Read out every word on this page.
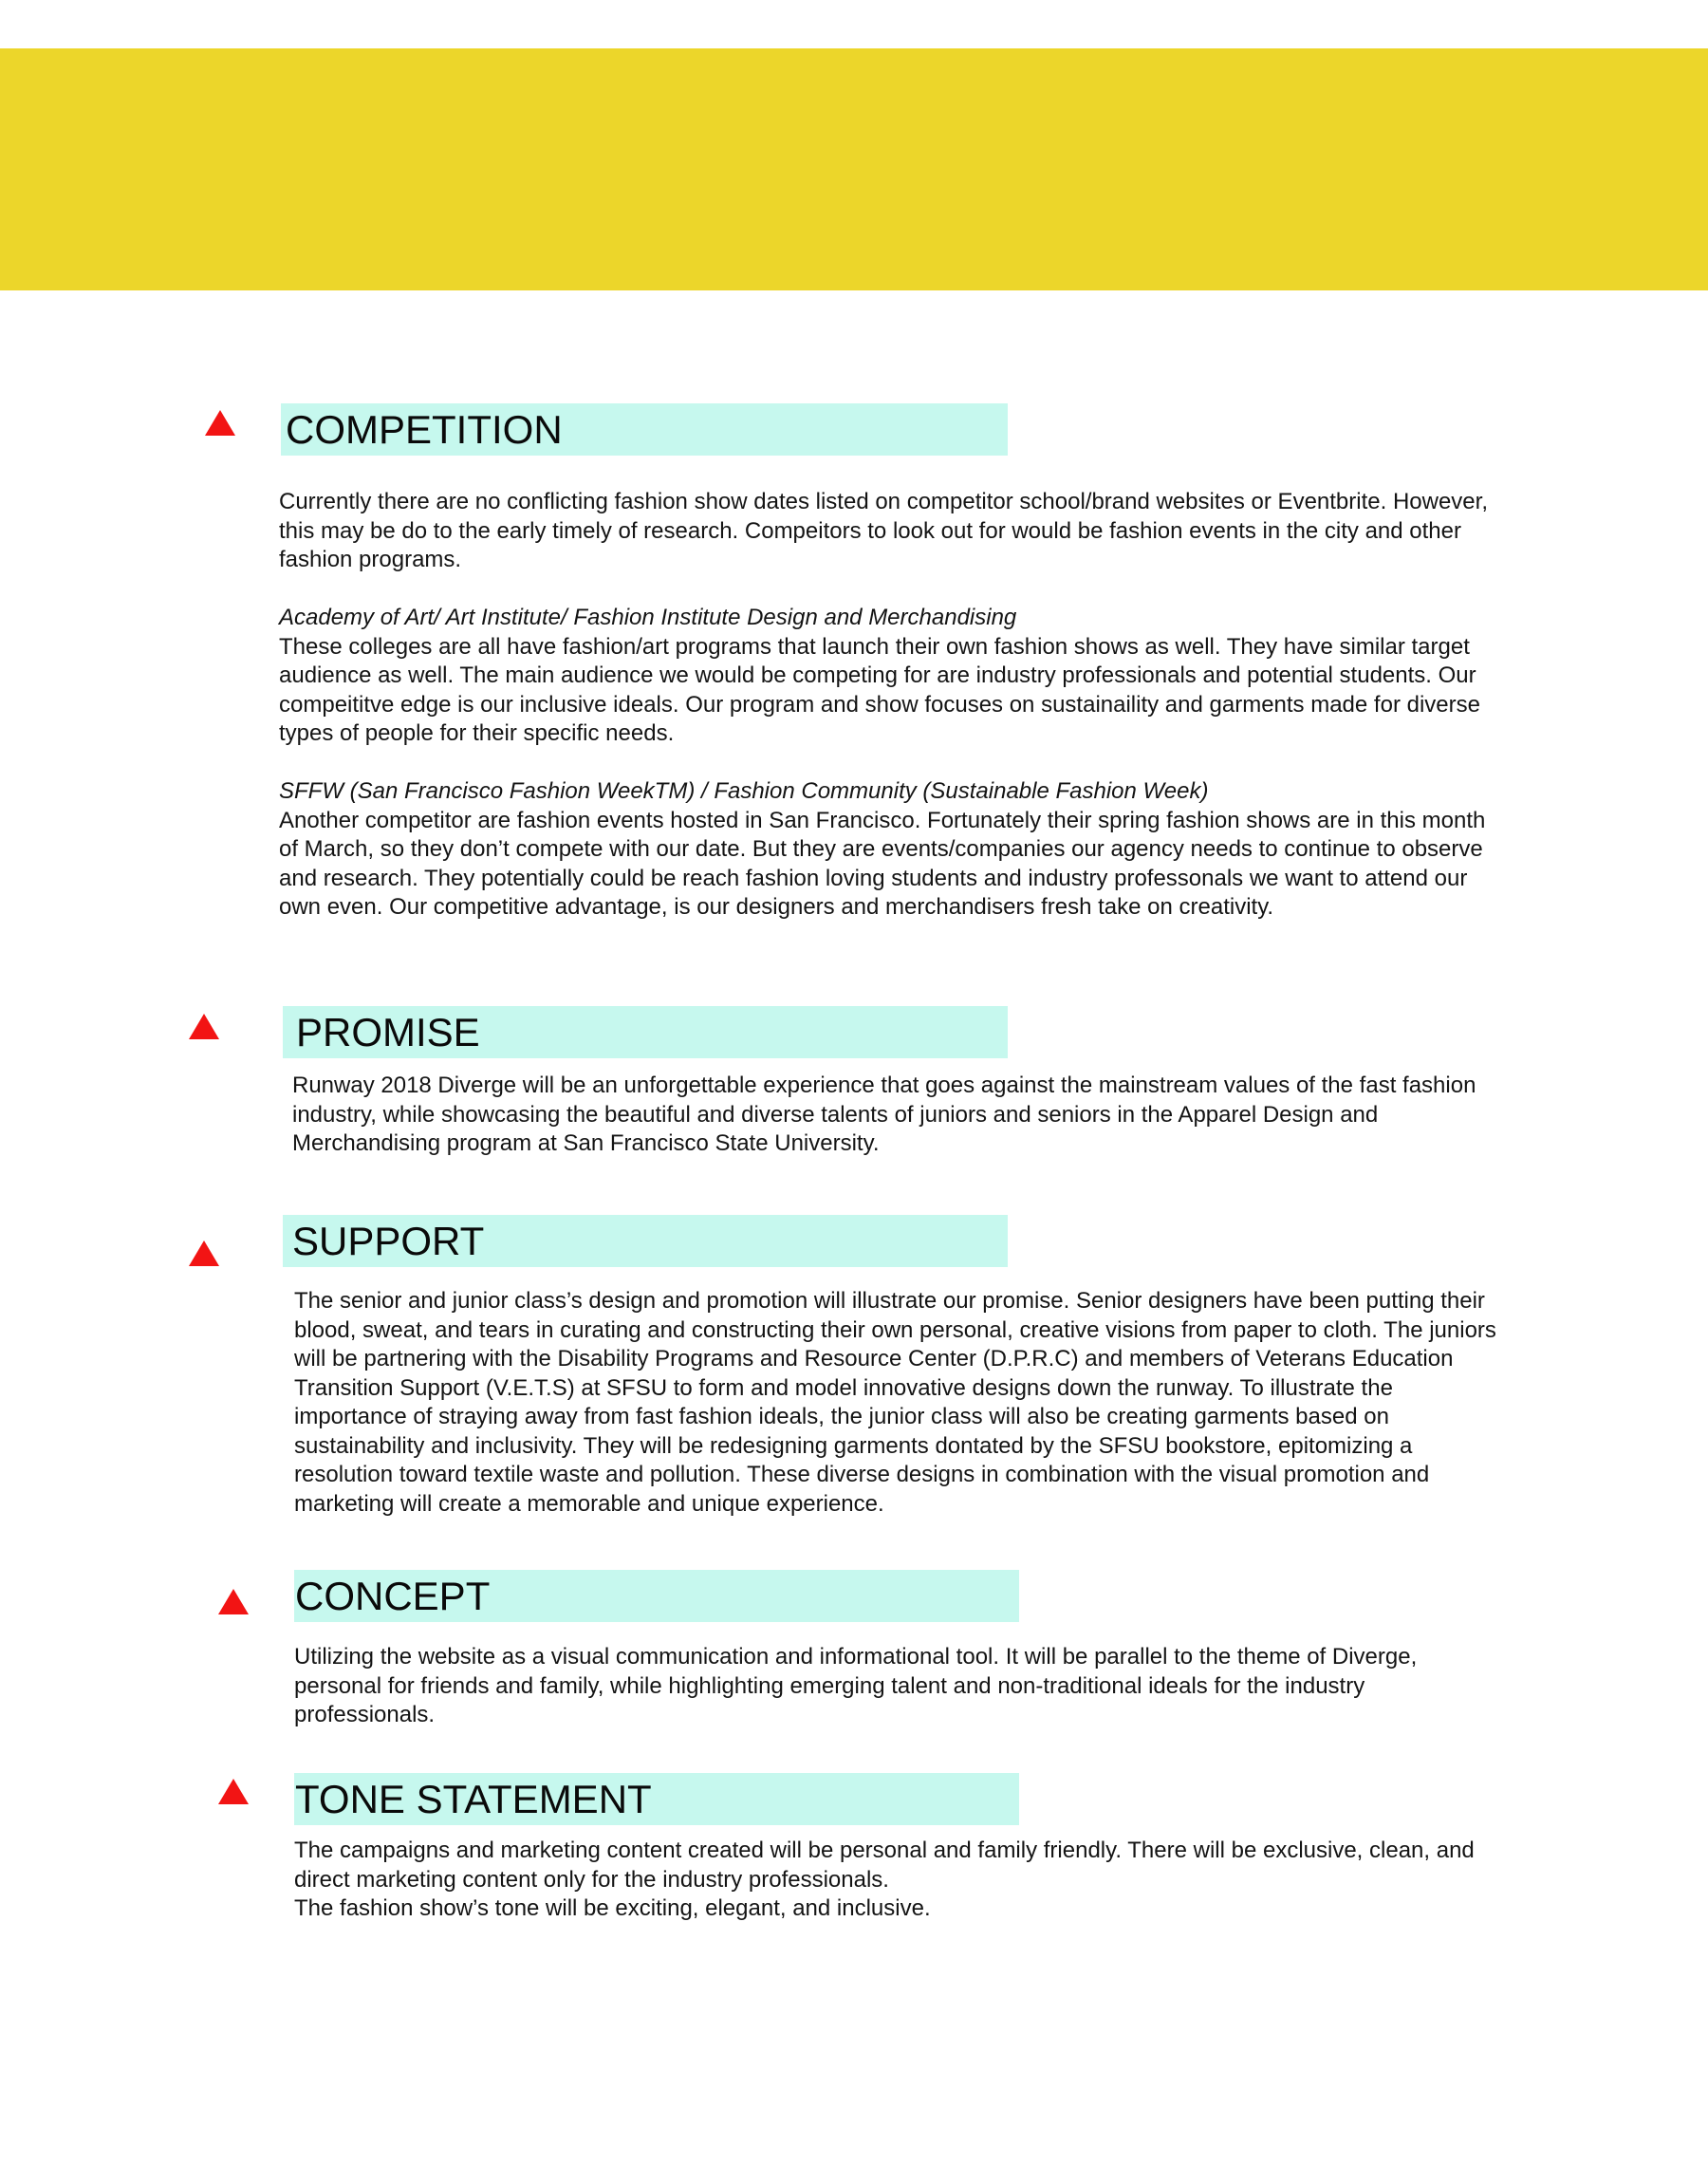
COMPETITION

Currently there are no conflicting fashion show dates listed on competitor school/brand websites or Eventbrite. However, this may be do to the early timely of research. Compeitors to look out for would be fashion events in the city and other fashion programs.

Academy of Art/ Art Institute/ Fashion Institute Design and Merchandising
These colleges are all have fashion/art programs that launch their own fashion shows as well. They have similar target audience as well. The main audience we would be competing for are industry professionals and potential students. Our compeititve edge is our inclusive ideals. Our program and show focuses on sustainaility and garments made for diverse types of people for their specific needs.

SFFW (San Francisco Fashion WeekTM) / Fashion Community (Sustainable Fashion Week)
Another competitor are fashion events hosted in San Francisco. Fortunately their spring fashion shows are in this month of March, so they don’t compete with our date. But they are events/companies our agency needs to continue to observe and research. They potentially could be reach fashion loving students and industry professonals we want to attend our own even. Our competitive advantage, is our designers and merchandisers fresh take on creativity.

PROMISE

Runway 2018 Diverge will be an unforgettable experience that goes against the mainstream values of the fast fashion industry, while showcasing the beautiful and diverse talents of juniors and seniors in the Apparel Design and Merchandising program at San Francisco State University.

SUPPORT

The senior and junior class’s design and promotion will illustrate our promise. Senior designers have been putting their blood, sweat, and tears in curating and constructing their own personal, creative visions from paper to cloth. The juniors will be partnering with the Disability Programs and Resource Center (D.P.R.C) and members of Veterans Education Transition Support (V.E.T.S) at SFSU to form and model innovative designs down the runway. To illustrate the importance of straying away from fast fashion ideals, the junior class will also be creating garments based on sustainability and inclusivity. They will be redesigning garments dontated by the SFSU bookstore, epitomizing a resolution toward textile waste and pollution. These diverse designs in combination with the visual promotion and marketing will create a memorable and unique experience.

CONCEPT

Utilizing the website as a visual communication and informational tool. It will be parallel to the theme of Diverge, personal for friends and family, while highlighting emerging talent and non-traditional ideals for the industry professionals.

TONE STATEMENT

The campaigns and marketing content created will be personal and family friendly. There will be exclusive, clean, and direct marketing content only for the industry professionals.

The fashion show’s tone will be exciting, elegant, and inclusive.
